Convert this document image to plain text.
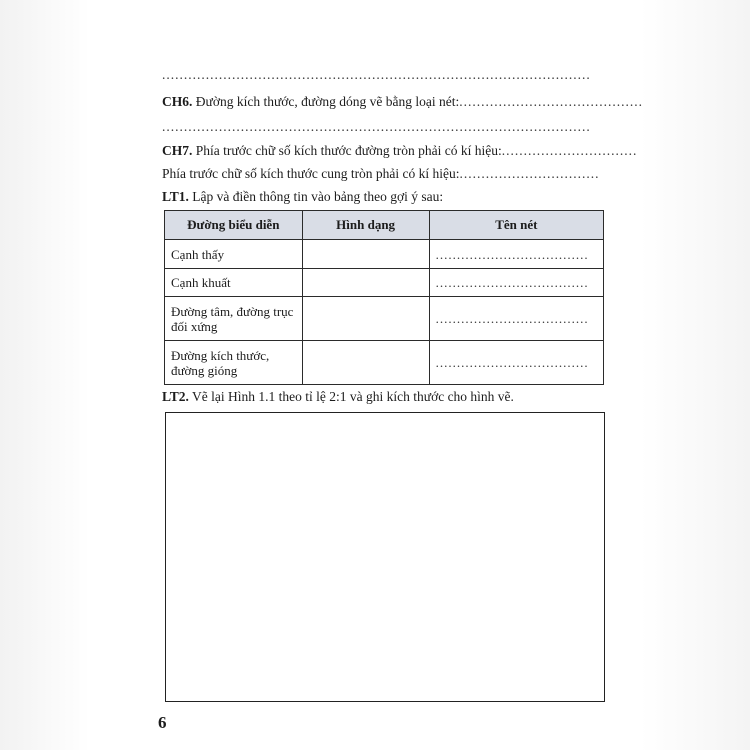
..................................................................................................
CH6. Đường kích thước, đường dóng vẽ bằng loại nét:..........................................
..................................................................................................
CH7. Phía trước chữ số kích thước đường tròn phải có kí hiệu:...............................
Phía trước chữ số kích thước cung tròn phải có kí hiệu:................................
LT1. Lập và điền thông tin vào bảng theo gợi ý sau:
Đường biểu diễn	Hình dạng	Tên nét
Cạnh thấy		....................................
Cạnh khuất		....................................
Đường tâm, đường trục đối xứng		....................................
Đường kích thước, đường gióng		....................................
LT2. Vẽ lại Hình 1.1 theo tỉ lệ 2:1 và ghi kích thước cho hình vẽ.
6
